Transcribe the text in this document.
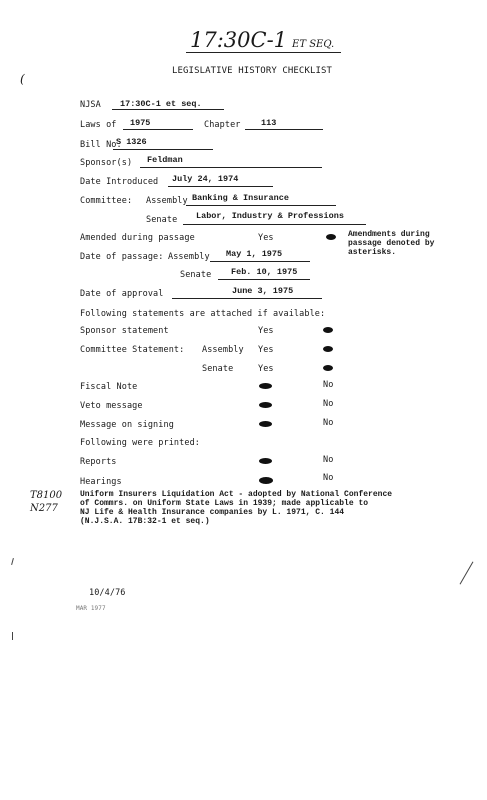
17:30C-1 ET SEQ.
LEGISLATIVE HISTORY CHECKLIST
(
NJSA 17:30C-1 et seq.
Laws of 1975	Chapter 113
Bill No.
S 1326
Sponsor(s) Feldman
Date Introduced July 24, 1974
Committee: Assembly Banking & Insurance
Senate Labor, Industry & Professions
Amended during passage	Yes	Amendments during
passage denoted by
asterisks.
Date of passage: Assembly May 1, 1975
Senate Feb. 10, 1975
Date of approval	June 3, 1975
Following statements are attached if available:
Sponsor statement	Yes
Committee Statement: Assembly Yes
Senate	Yes
Fiscal Note	No
Veto message	No
Message on signing	No
Following were printed:
Reports	No
Hearings	No
T8100
N277
Uniform Insurers Liquidation Act - adopted by National Conference
of Commrs. on Uniform State Laws in 1939; made applicable to
NJ Life & Health Insurance companies by L. 1971, C. 144
(N.J.S.A. 17B:32-1 et seq.)
10/4/76
MAR 1977
